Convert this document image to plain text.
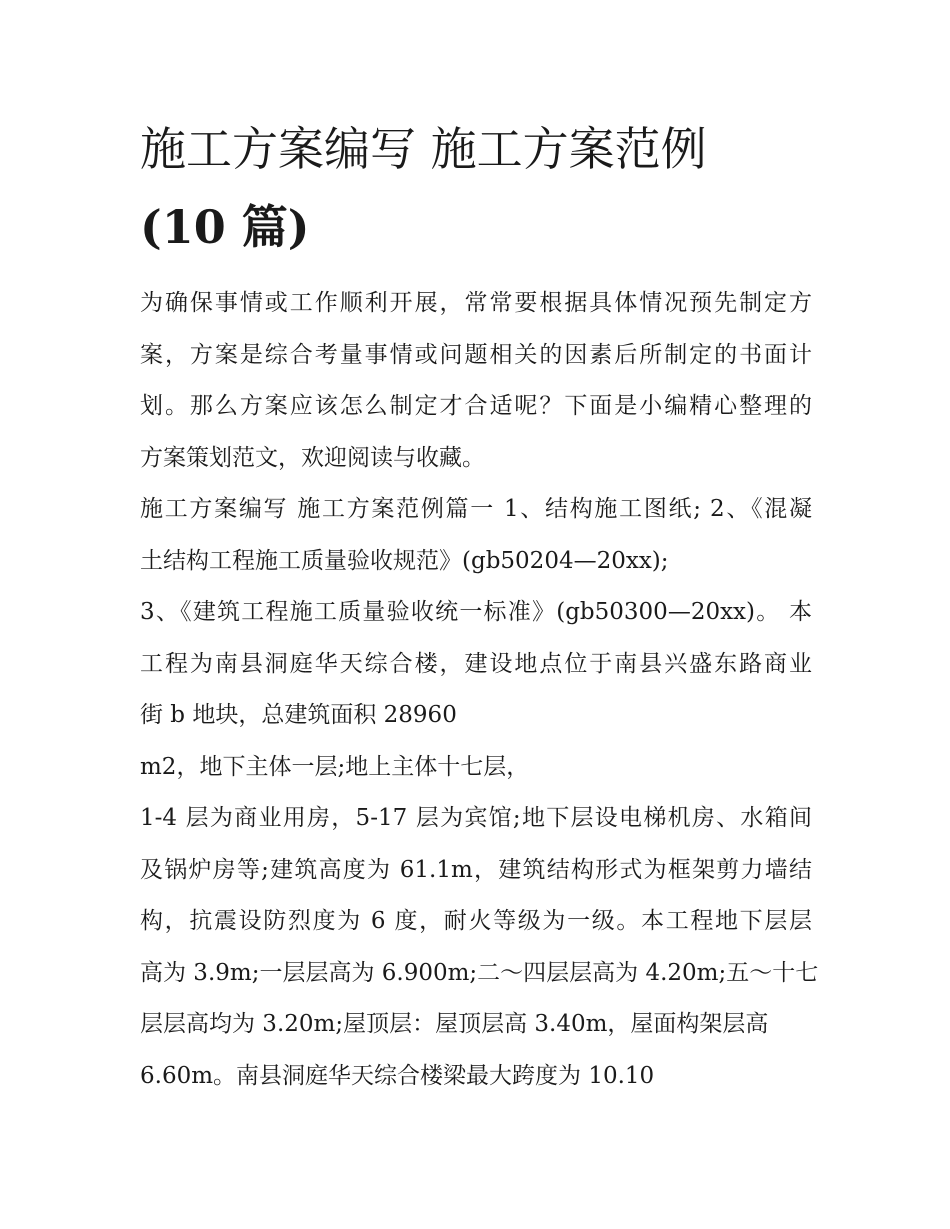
施工方案编写 施工方案范例
(10 篇)
为确保事情或工作顺利开展，常常要根据具体情况预先制定方
案，方案是综合考量事情或问题相关的因素后所制定的书面计
划。那么方案应该怎么制定才合适呢？下面是小编精心整理的
方案策划范文，欢迎阅读与收藏。
施工方案编写 施工方案范例篇一 1、结构施工图纸; 2、《混凝
土结构工程施工质量验收规范》(gb50204—20xx);
3、《建筑工程施工质量验收统一标准》(gb50300—20xx)。 本
工程为南县洞庭华天综合楼，建设地点位于南县兴盛东路商业
街 b 地块，总建筑面积 28960
m2，地下主体一层;地上主体十七层，
1-4 层为商业用房，5-17 层为宾馆;地下层设电梯机房、水箱间
及锅炉房等;建筑高度为 61.1m，建筑结构形式为框架剪力墙结
构，抗震设防烈度为 6 度，耐火等级为一级。本工程地下层层
高为 3.9m;一层层高为 6.900m;二～四层层高为 4.20m;五～十七
层层高均为 3.20m;屋顶层：屋顶层高 3.40m，屋面构架层高
6.60m。南县洞庭华天综合楼梁最大跨度为 10.10
